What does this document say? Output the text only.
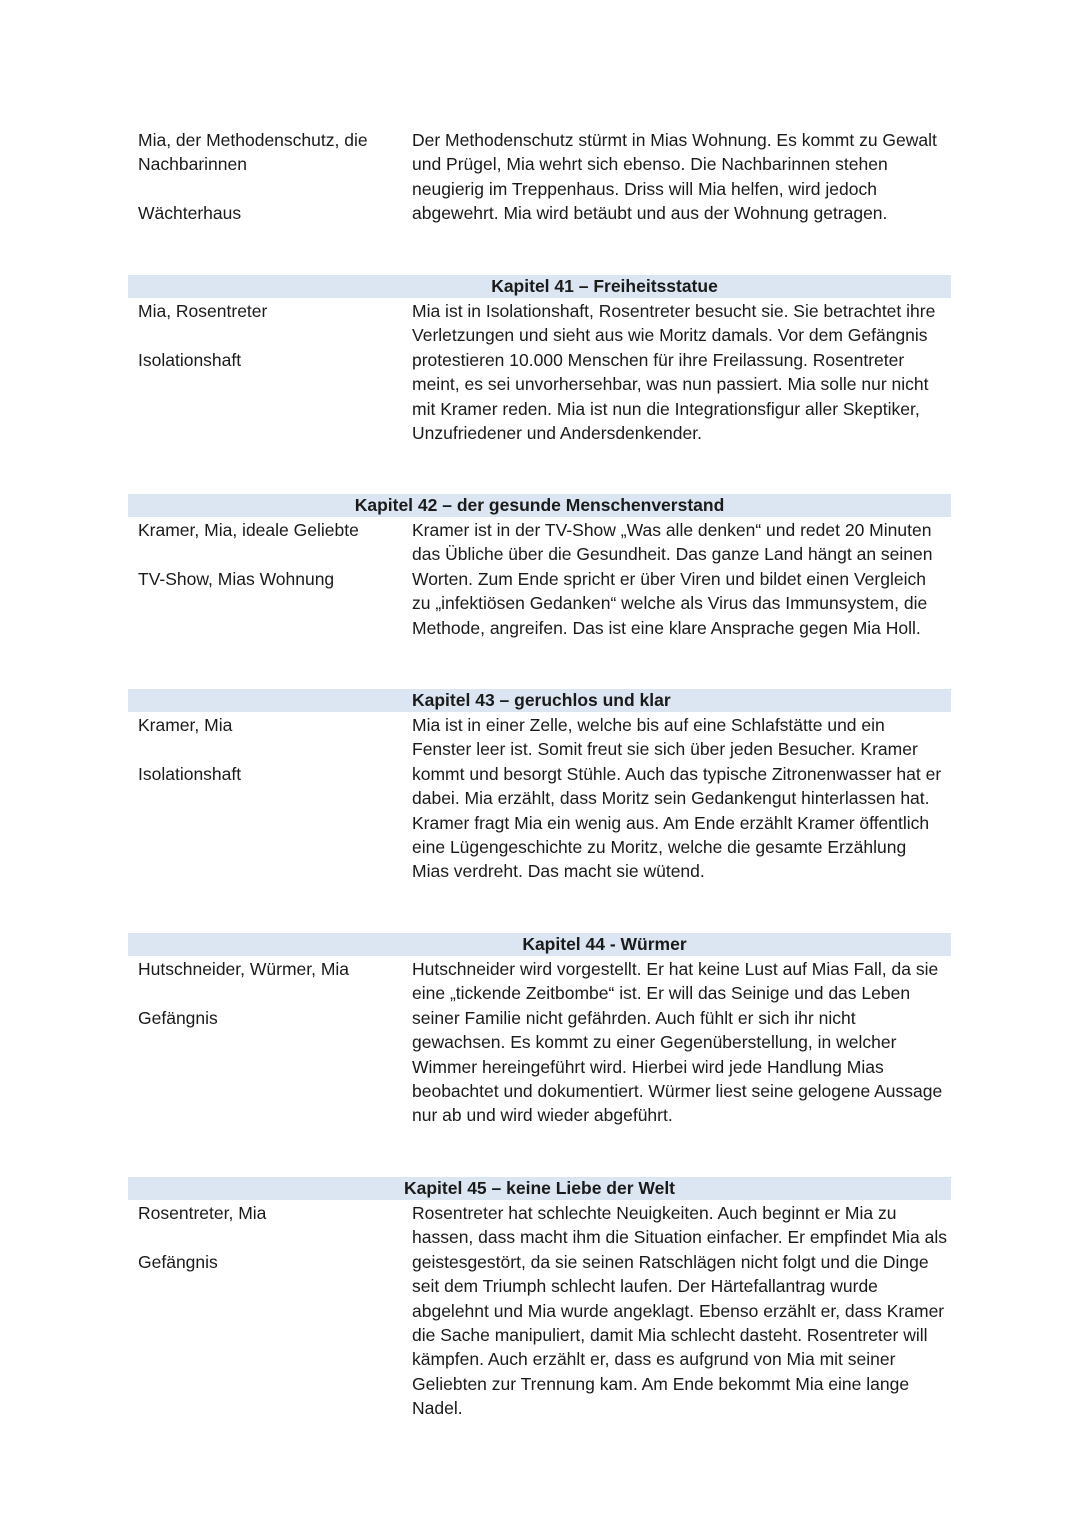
Mia, der Methodenschutz, die

Nachbarinnen

Wächterhaus

Der Methodenschutz stürmt in Mias Wohnung. Es kommt zu Gewalt und Prügel, Mia wehrt sich ebenso. Die Nachbarinnen stehen neugierig im Treppenhaus. Driss will Mia helfen, wird jedoch abgewehrt. Mia wird betäubt und aus der Wohnung getragen.

Kapitel 41 – Freiheitsstatue

Mia, Rosentreter

Isolationshaft

Mia ist in Isolationshaft, Rosentreter besucht sie. Sie betrachtet ihre Verletzungen und sieht aus wie Moritz damals. Vor dem Gefängnis protestieren 10.000 Menschen für ihre Freilassung. Rosentreter meint, es sei unvorhersehbar, was nun passiert. Mia solle nur nicht mit Kramer reden. Mia ist nun die Integrationsfigur aller Skeptiker, Unzufriedener und Andersdenkender.

Kapitel 42 – der gesunde Menschenverstand

Kramer, Mia, ideale Geliebte

TV-Show, Mias Wohnung

Kramer ist in der TV-Show „Was alle denken“ und redet 20 Minuten das Übliche über die Gesundheit. Das ganze Land hängt an seinen Worten. Zum Ende spricht er über Viren und bildet einen Vergleich zu „infektiösen Gedanken“ welche als Virus das Immunsystem, die Methode, angreifen. Das ist eine klare Ansprache gegen Mia Holl.

Kapitel 43 – geruchlos und klar

Kramer, Mia

Isolationshaft

Mia ist in einer Zelle, welche bis auf eine Schlafstätte und ein Fenster leer ist. Somit freut sie sich über jeden Besucher. Kramer kommt und besorgt Stühle. Auch das typische Zitronenwasser hat er dabei. Mia erzählt, dass Moritz sein Gedankengut hinterlassen hat. Kramer fragt Mia ein wenig aus. Am Ende erzählt Kramer öffentlich eine Lügengeschichte zu Moritz, welche die gesamte Erzählung Mias verdreht. Das macht sie wütend.

Kapitel 44 - Würmer

Hutschneider, Würmer, Mia

Gefängnis

Hutschneider wird vorgestellt. Er hat keine Lust auf Mias Fall, da sie eine „tickende Zeitbombe“ ist. Er will das Seinige und das Leben seiner Familie nicht gefährden. Auch fühlt er sich ihr nicht gewachsen. Es kommt zu einer Gegenüberstellung, in welcher Wimmer hereingeführt wird. Hierbei wird jede Handlung Mias beobachtet und dokumentiert. Würmer liest seine gelogene Aussage nur ab und wird wieder abgeführt.

Kapitel 45 – keine Liebe der Welt

Rosentreter, Mia

Gefängnis

Rosentreter hat schlechte Neuigkeiten. Auch beginnt er Mia zu hassen, dass macht ihm die Situation einfacher. Er empfindet Mia als geistesgestört, da sie seinen Ratschlägen nicht folgt und die Dinge seit dem Triumph schlecht laufen. Der Härtefallantrag wurde abgelehnt und Mia wurde angeklagt. Ebenso erzählt er, dass Kramer die Sache manipuliert, damit Mia schlecht dasteht. Rosentreter will kämpfen. Auch erzählt er, dass es aufgrund von Mia mit seiner Geliebten zur Trennung kam. Am Ende bekommt Mia eine lange Nadel.
